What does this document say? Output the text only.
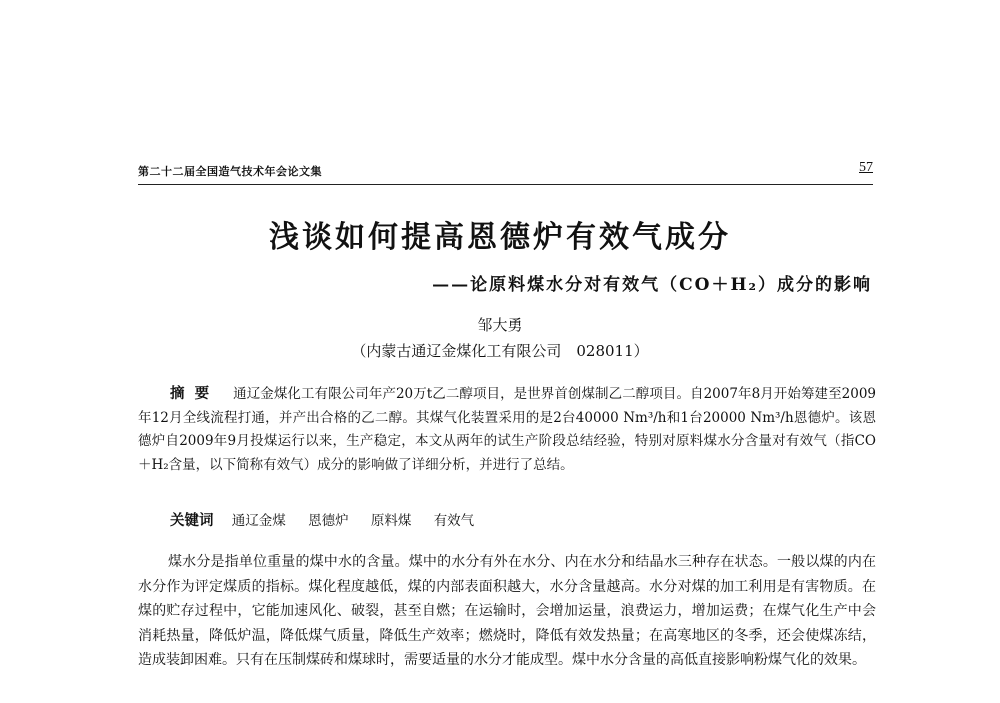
第二十二届全国造气技术年会论文集	57
浅谈如何提高恩德炉有效气成分
——论原料煤水分对有效气（CO＋H₂）成分的影响
邹大勇
（内蒙古通辽金煤化工有限公司　028011）
摘要 通辽金煤化工有限公司年产20万t乙二醇项目，是世界首创煤制乙二醇项目。自2007年8月开始筹建至2009年12月全线流程打通，并产出合格的乙二醇。其煤气化装置采用的是2台40000 Nm³/h和1台20000 Nm³/h恩德炉。该恩德炉自2009年9月投煤运行以来，生产稳定，本文从两年的试生产阶段总结经验，特别对原料煤水分含量对有效气（指CO＋H₂含量，以下简称有效气）成分的影响做了详细分析，并进行了总结。
关键词 通辽金煤 恩德炉 原料煤 有效气
煤水分是指单位重量的煤中水的含量。煤中的水分有外在水分、内在水分和结晶水三种存在状态。一般以煤的内在水分作为评定煤质的指标。煤化程度越低，煤的内部表面积越大，水分含量越高。水分对煤的加工利用是有害物质。在煤的贮存过程中，它能加速风化、破裂，甚至自燃；在运输时，会增加运量，浪费运力，增加运费；在煤气化生产中会消耗热量，降低炉温，降低煤气质量，降低生产效率；燃烧时，降低有效发热量；在高寒地区的冬季，还会使煤冻结，造成装卸困难。只有在压制煤砖和煤球时，需要适量的水分才能成型。煤中水分含量的高低直接影响粉煤气化的效果。
